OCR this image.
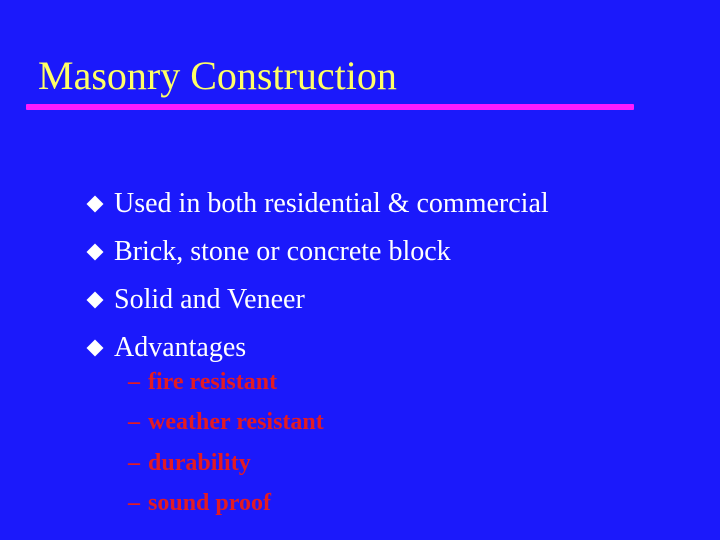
Masonry Construction
Used in both residential & commercial
Brick, stone or concrete block
Solid and Veneer
Advantages
– fire resistant
– weather resistant
– durability
– sound proof
